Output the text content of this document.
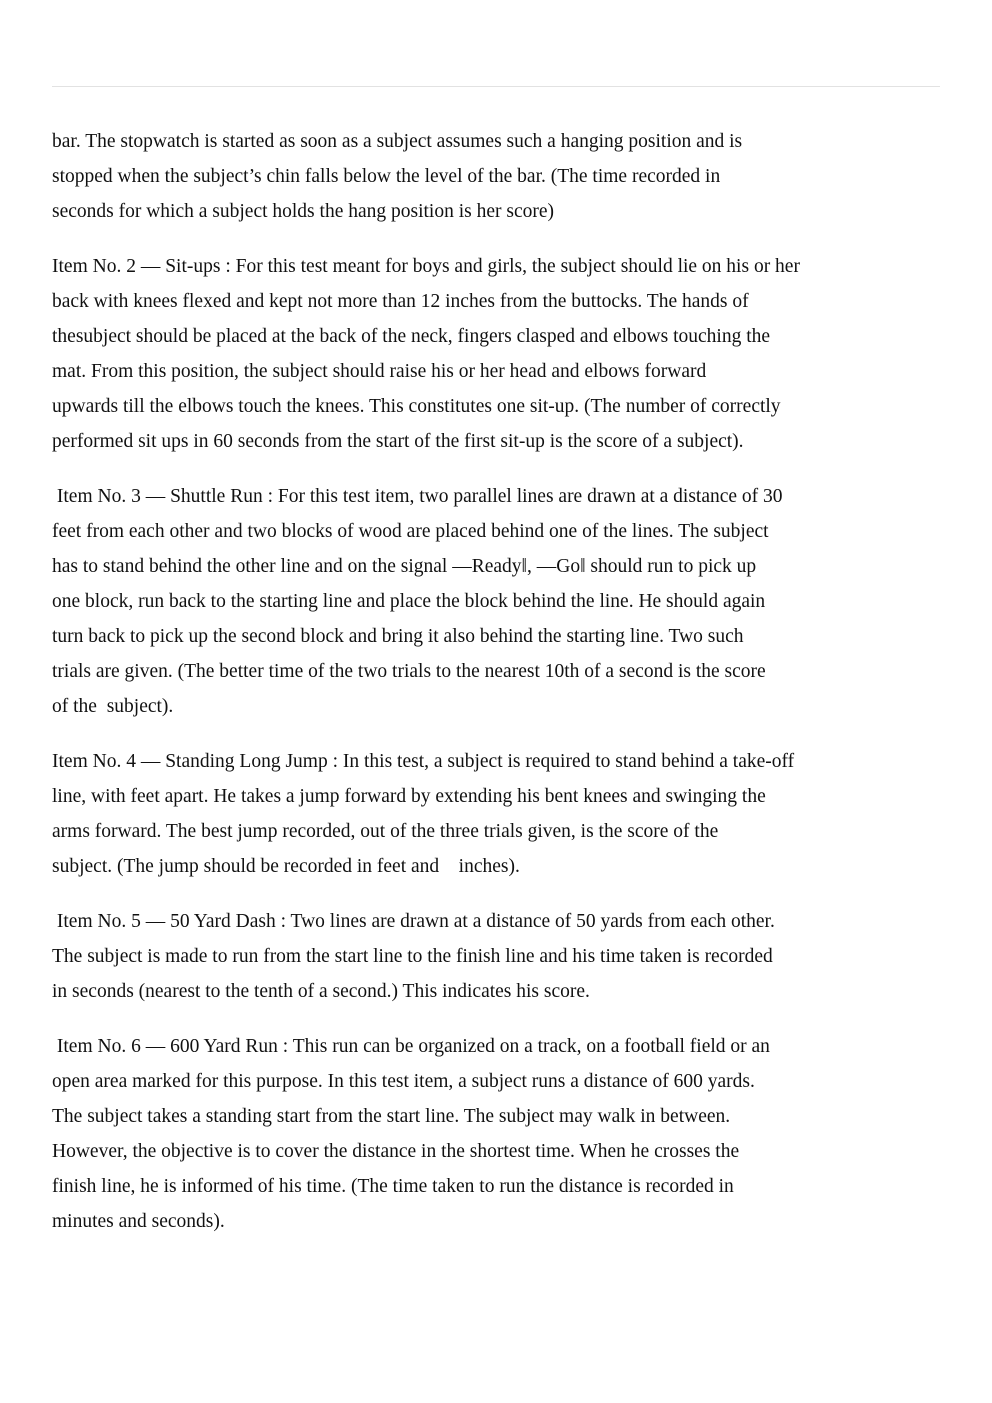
bar. The stopwatch is started as soon as a subject assumes such a hanging position and is
stopped when the subject’s chin falls below the level of the bar. (The time recorded in
seconds for which a subject holds the hang position is her score)

Item No. 2 — Sit-ups : For this test meant for boys and girls, the subject should lie on his or her
back with knees flexed and kept not more than 12 inches from the buttocks. The hands of
thesubject should be placed at the back of the neck, fingers clasped and elbows touching the
mat. From this position, the subject should raise his or her head and elbows forward
upwards till the elbows touch the knees. This constitutes one sit-up. (The number of correctly
performed sit ups in 60 seconds from the start of the first sit-up is the score of a subject).

Item No. 3 — Shuttle Run : For this test item, two parallel lines are drawn at a distance of 30
feet from each other and two blocks of wood are placed behind one of the lines. The subject
has to stand behind the other line and on the signal —Ready‖, —Go‖ should run to pick up
one block, run back to the starting line and place the block behind the line. He should again
turn back to pick up the second block and bring it also behind the starting line. Two such
trials are given. (The better time of the two trials to the nearest 10th of a second is the score
of the  subject).

Item No. 4 — Standing Long Jump : In this test, a subject is required to stand behind a take-off
line, with feet apart. He takes a jump forward by extending his bent knees and swinging the
arms forward. The best jump recorded, out of the three trials given, is the score of the
subject. (The jump should be recorded in feet and    inches).

Item No. 5 — 50 Yard Dash : Two lines are drawn at a distance of 50 yards from each other.
The subject is made to run from the start line to the finish line and his time taken is recorded
in seconds (nearest to the tenth of a second.) This indicates his score.

Item No. 6 — 600 Yard Run : This run can be organized on a track, on a football field or an
open area marked for this purpose. In this test item, a subject runs a distance of 600 yards.
The subject takes a standing start from the start line. The subject may walk in between.
However, the objective is to cover the distance in the shortest time. When he crosses the
finish line, he is informed of his time. (The time taken to run the distance is recorded in
minutes and seconds).
